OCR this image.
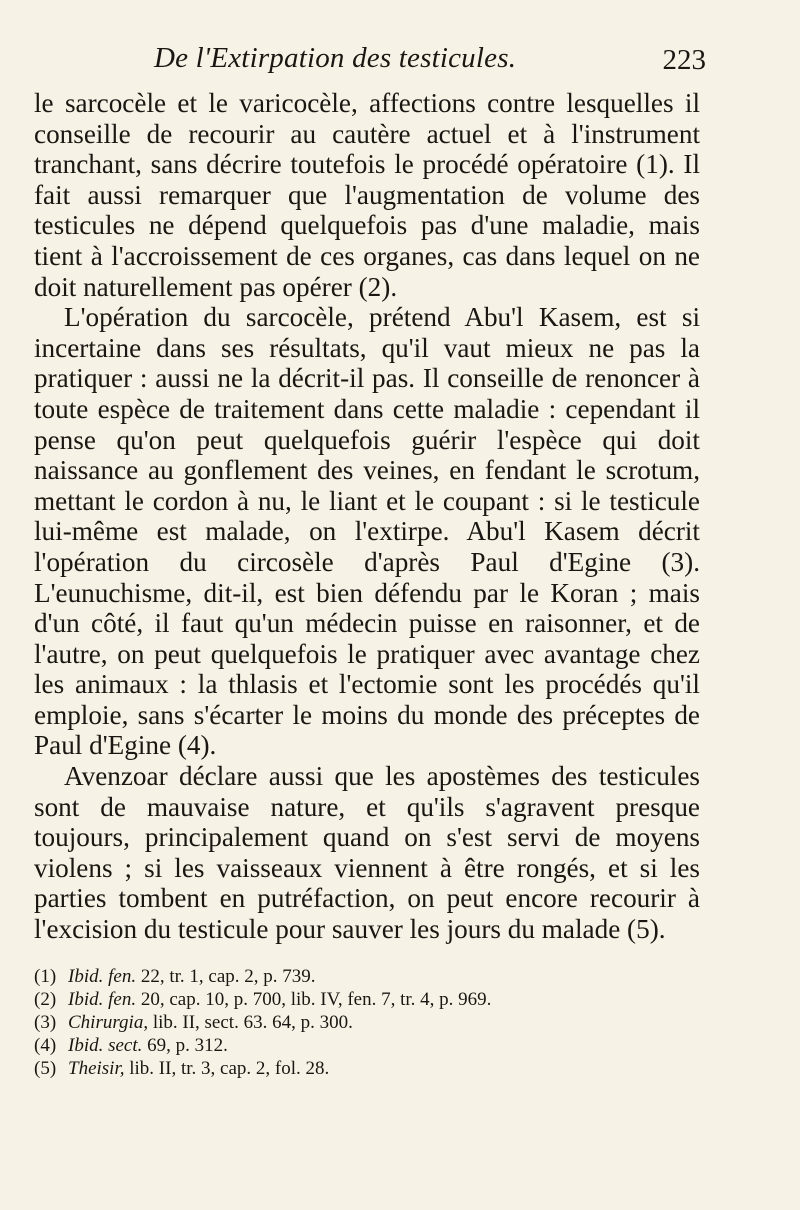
De l'Extirpation des testicules.	223

le sarcocèle et le varicocèle, affections contre lesquelles il conseille de recourir au cautère actuel et à l'instrument tranchant, sans décrire toutefois le procédé opératoire (1). Il fait aussi remarquer que l'augmentation de volume des testicules ne dépend quelquefois pas d'une maladie, mais tient à l'accroissement de ces organes, cas dans lequel on ne doit naturellement pas opérer (2).

L'opération du sarcocèle, prétend Abu'l Kasem, est si incertaine dans ses résultats, qu'il vaut mieux ne pas la pratiquer : aussi ne la décrit-il pas. Il conseille de renoncer à toute espèce de traitement dans cette maladie : cependant il pense qu'on peut quelquefois guérir l'espèce qui doit naissance au gonflement des veines, en fendant le scrotum, mettant le cordon à nu, le liant et le coupant : si le testicule lui-même est malade, on l'extirpe. Abu'l Kasem décrit l'opération du circosèle d'après Paul d'Egine (3). L'eunuchisme, dit-il, est bien défendu par le Koran ; mais d'un côté, il faut qu'un médecin puisse en raisonner, et de l'autre, on peut quelquefois le pratiquer avec avantage chez les animaux : la thlasis et l'ectomie sont les procédés qu'il emploie, sans s'écarter le moins du monde des préceptes de Paul d'Egine (4).

Avenzoar déclare aussi que les apostèmes des testicules sont de mauvaise nature, et qu'ils s'agravent presque toujours, principalement quand on s'est servi de moyens violens ; si les vaisseaux viennent à être rongés, et si les parties tombent en putréfaction, on peut encore recourir à l'excision du testicule pour sauver les jours du malade (5).

(1) Ibid. fen. 22, tr. 1, cap. 2, p. 739.
(2) Ibid. fen. 20, cap. 10, p. 700, lib. IV, fen. 7, tr. 4, p. 969.
(3) Chirurgia, lib. II, sect. 63. 64, p. 300.
(4) Ibid. sect. 69, p. 312.
(5) Theisir, lib. II, tr. 3, cap. 2, fol. 28.
